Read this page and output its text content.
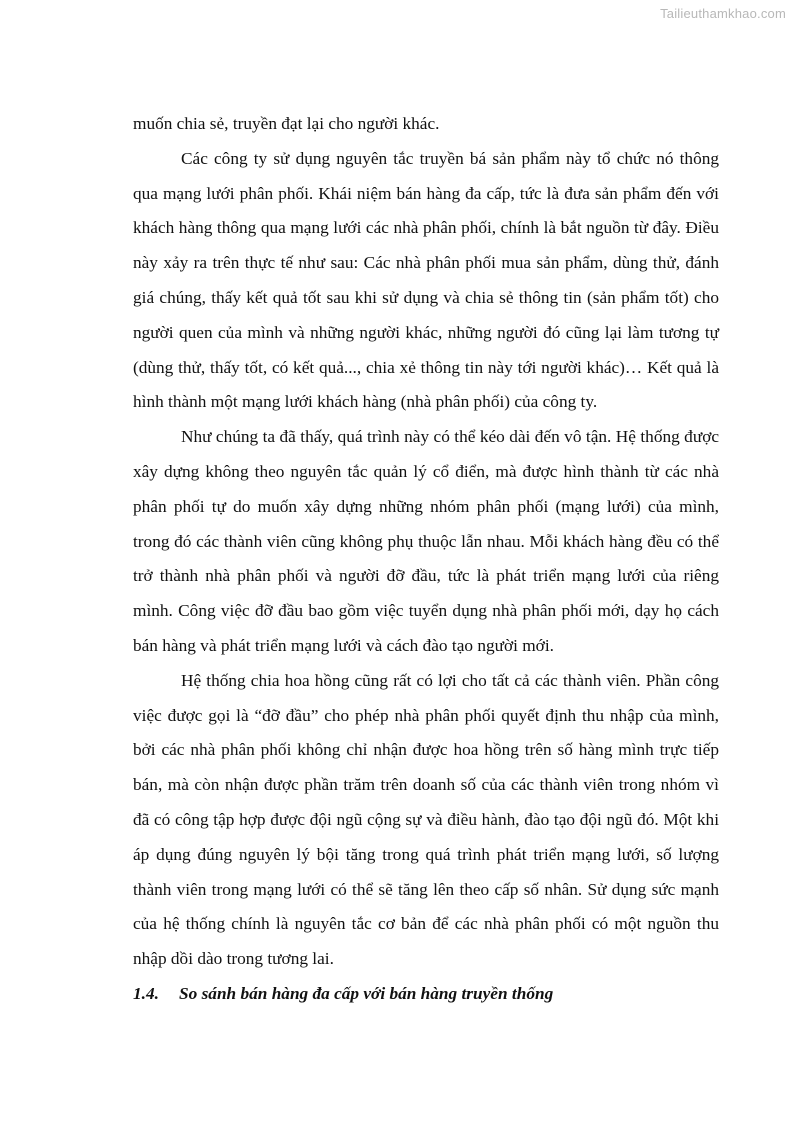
Tailieuthamkhao.com

muốn chia sẻ, truyền đạt lại cho người khác.

Các công ty sử dụng nguyên tắc truyền bá sản phẩm này tổ chức nó thông qua mạng lưới phân phối. Khái niệm bán hàng đa cấp, tức là đưa sản phẩm đến với khách hàng thông qua mạng lưới các nhà phân phối, chính là bắt nguồn từ đây. Điều này xảy ra trên thực tế như sau: Các nhà phân phối mua sản phẩm, dùng thử, đánh giá chúng, thấy kết quả tốt sau khi sử dụng và chia sẻ thông tin (sản phẩm tốt) cho người quen của mình và những người khác, những người đó cũng lại làm tương tự (dùng thử, thấy tốt, có kết quả..., chia xẻ thông tin này tới người khác)… Kết quả là hình thành một mạng lưới khách hàng (nhà phân phối) của công ty.

Như chúng ta đã thấy, quá trình này có thể kéo dài đến vô tận. Hệ thống được xây dựng không theo nguyên tắc quản lý cổ điển, mà được hình thành từ các nhà phân phối tự do muốn xây dựng những nhóm phân phối (mạng lưới) của mình, trong đó các thành viên cũng không phụ thuộc lẫn nhau. Mỗi khách hàng đều có thể trở thành nhà phân phối và người đỡ đầu, tức là phát triển mạng lưới của riêng mình. Công việc đỡ đầu bao gồm việc tuyển dụng nhà phân phối mới, dạy họ cách bán hàng và phát triển mạng lưới và cách đào tạo người mới.

Hệ thống chia hoa hồng cũng rất có lợi cho tất cả các thành viên. Phần công việc được gọi là “đỡ đầu” cho phép nhà phân phối quyết định thu nhập của mình, bởi các nhà phân phối không chỉ nhận được hoa hồng trên số hàng mình trực tiếp bán, mà còn nhận được phần trăm trên doanh số của các thành viên trong nhóm vì đã có công tập hợp được đội ngũ cộng sự và điều hành, đào tạo đội ngũ đó. Một khi áp dụng đúng nguyên lý bội tăng trong quá trình phát triển mạng lưới, số lượng thành viên trong mạng lưới có thể sẽ tăng lên theo cấp số nhân. Sử dụng sức mạnh của hệ thống chính là nguyên tắc cơ bản để các nhà phân phối có một nguồn thu nhập dồi dào trong tương lai.

1.4. So sánh bán hàng đa cấp với bán hàng truyền thống
